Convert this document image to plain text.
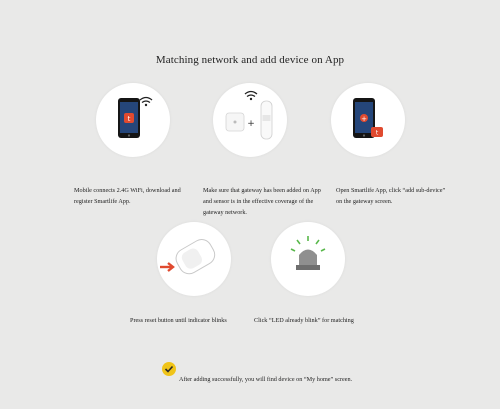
Matching network and add device on App
t
Mobile connects 2.4G WiFi, download and register Smartlife App.
+
Make sure that gateway has been added on App and sensor is in the effective coverage of the gateway network.
+
t
Open Smartlife App, click “add sub-device” on the gateway screen.
Press reset button until indicator blinks	Click “LED already blink” for matching
After adding successfully, you will find device on “My home” screen.
